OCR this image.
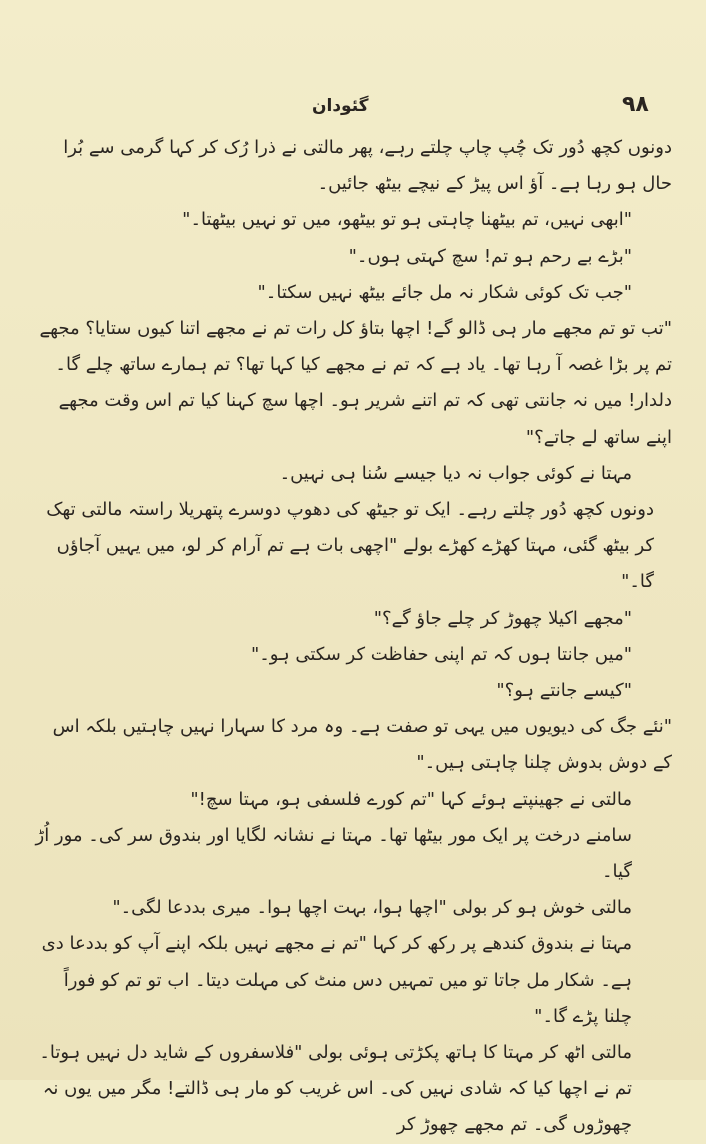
۹۸
گئودان

دونوں کچھ دُور تک چُپ چاپ چلتے رہے، پھر مالتی نے ذرا رُک کر کہا گرمی سے بُرا حال ہو رہا ہے۔ آؤ اس پیڑ کے نیچے بیٹھ جائیں۔

"ابھی نہیں، تم بیٹھنا چاہتی ہو تو بیٹھو، میں تو نہیں بیٹھتا۔"

"بڑے بے رحم ہو تم! سچ کہتی ہوں۔"

"جب تک کوئی شکار نہ مل جائے بیٹھ نہیں سکتا۔"

"تب تو تم مجھے مار ہی ڈالو گے! اچھا بتاؤ کل رات تم نے مجھے اتنا کیوں ستایا؟ مجھے تم پر بڑا غصہ آ رہا تھا۔ یاد ہے کہ تم نے مجھے کیا کہا تھا؟ تم ہمارے ساتھ چلے گا۔ دلدار! میں نہ جانتی تھی کہ تم اتنے شریر ہو۔ اچھا سچ کہنا کیا تم اس وقت مجھے اپنے ساتھ لے جاتے؟"

مہتا نے کوئی جواب نہ دیا جیسے سُنا ہی نہیں۔

دونوں کچھ دُور چلتے رہے۔ ایک تو جیٹھ کی دھوپ دوسرے پتھریلا راستہ مالتی تھک کر بیٹھ گئی، مہتا کھڑے کھڑے بولے "اچھی بات ہے تم آرام کر لو، میں یہیں آجاؤں گا۔"

"مجھے اکیلا چھوڑ کر چلے جاؤ گے؟"

"میں جانتا ہوں کہ تم اپنی حفاظت کر سکتی ہو۔"

"کیسے جانتے ہو؟"

"نئے جگ کی دیویوں میں یہی تو صفت ہے۔ وہ مرد کا سہارا نہیں چاہتیں بلکہ اس کے دوش بدوش چلنا چاہتی ہیں۔"

مالتی نے جھینپتے ہوئے کہا "تم کورے فلسفی ہو، مہتا سچ!"

سامنے درخت پر ایک مور بیٹھا تھا۔ مہتا نے نشانہ لگایا اور بندوق سر کی۔ مور اُڑ گیا۔

مالتی خوش ہو کر بولی "اچھا ہوا، بہت اچھا ہوا۔ میری بددعا لگی۔"

مہتا نے بندوق کندھے پر رکھ کر کہا "تم نے مجھے نہیں بلکہ اپنے آپ کو بددعا دی ہے۔ شکار مل جاتا تو میں تمہیں دس منٹ کی مہلت دیتا۔ اب تو تم کو فوراً چلنا پڑے گا۔"

مالتی اٹھ کر مہتا کا ہاتھ پکڑتی ہوئی بولی "فلاسفروں کے شاید دل نہیں ہوتا۔ تم نے اچھا کیا کہ شادی نہیں کی۔ اس غریب کو مار ہی ڈالتے! مگر میں یوں نہ چھوڑوں گی۔ تم مجھے چھوڑ کر
